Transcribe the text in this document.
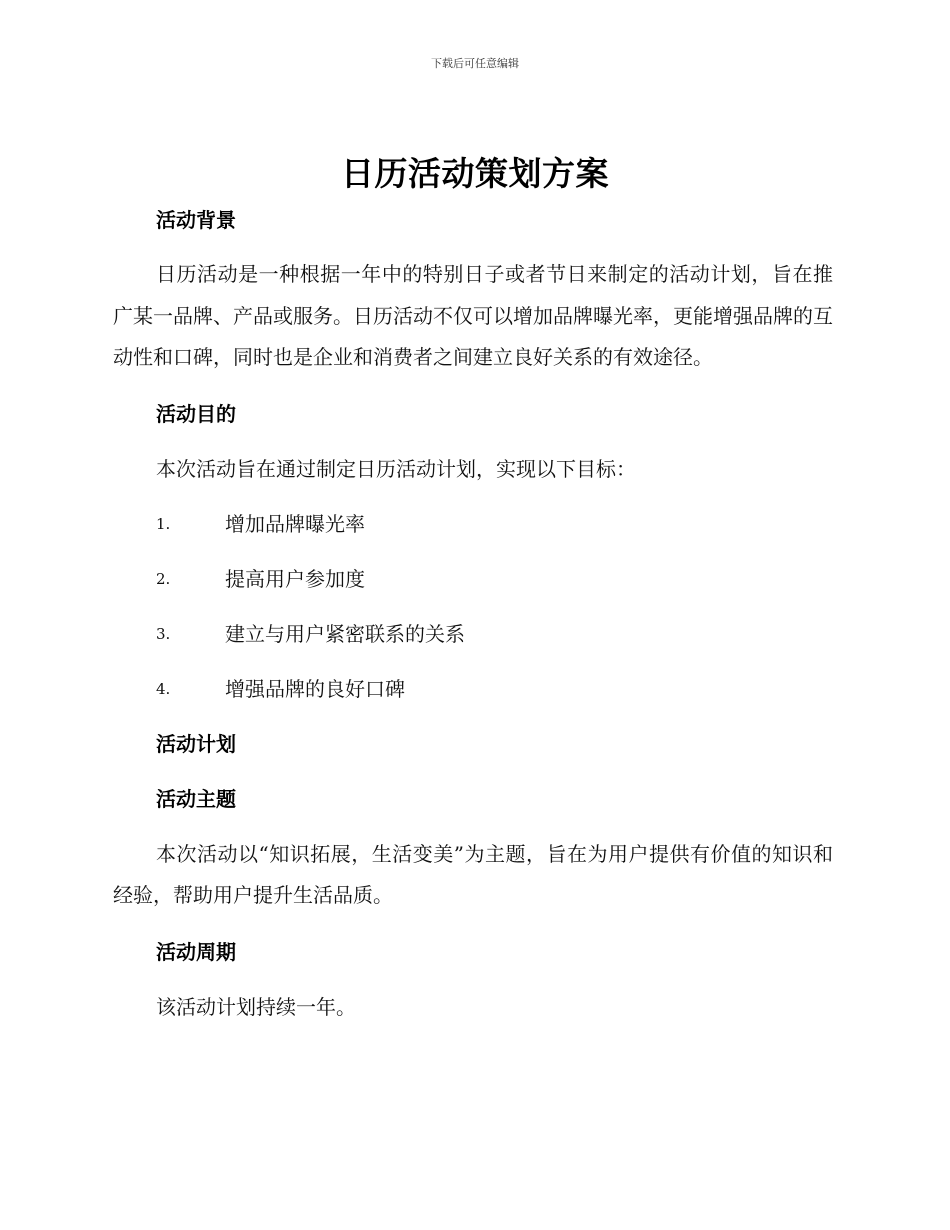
下载后可任意编辑
日历活动策划方案
活动背景

日历活动是一种根据一年中的特别日子或者节日来制定的活动计划，旨在推广某一品牌、产品或服务。日历活动不仅可以增加品牌曝光率，更能增强品牌的互动性和口碑，同时也是企业和消费者之间建立良好关系的有效途径。

活动目的

本次活动旨在通过制定日历活动计划，实现以下目标：

1.	增加品牌曝光率
2.	提高用户参加度
3.	建立与用户紧密联系的关系
4.	增强品牌的良好口碑
活动计划
活动主题

本次活动以“知识拓展，生活变美”为主题，旨在为用户提供有价值的知识和经验，帮助用户提升生活品质。

活动周期

该活动计划持续一年。
